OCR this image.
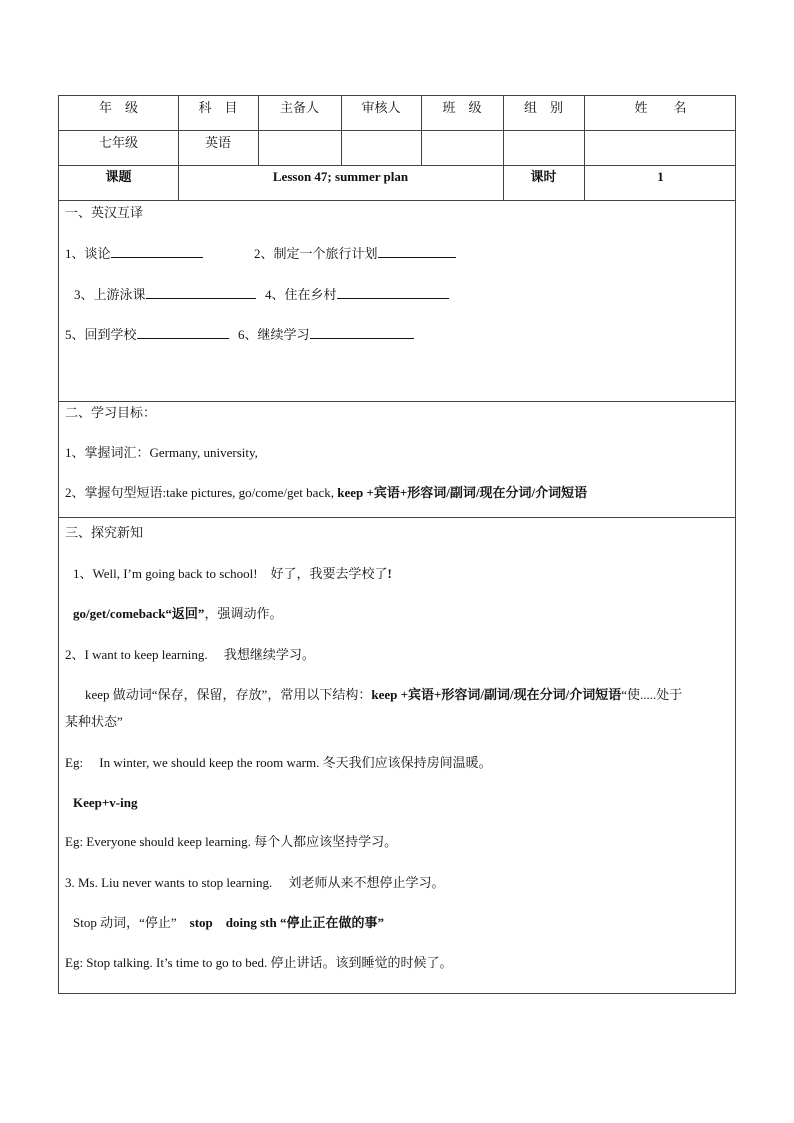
年　级	科　目	主备人	审核人	班　级	组　别	姓　　名
七年级	英语
课题	Lesson 47; summer plan	课时	1
一、英汉互译
1、谈论	2、制定一个旅行计划
3、上游泳课	4、住在乡村
5、回到学校	6、继续学习
二、学习目标：
1、掌握词汇：Germany, university,
2、掌握句型短语:take pictures, go/come/get back, keep +宾语+形容词/副词/现在分词/介词短语
三、探究新知
1、Well, I’m going back to school!　好了，我要去学校了!
go/get/comeback“返回”，强调动作。
2、I want to keep learning.　 我想继续学习。
keep 做动词“保存，保留，存放”，常用以下结构：keep +宾语+形容词/副词/现在分词/介词短语“使.....处于
某种状态”
Eg:　 In winter, we should keep the room warm. 冬天我们应该保持房间温暖。
Keep+v-ing
Eg: Everyone should keep learning. 每个人都应该坚持学习。
3. Ms. Liu never wants to stop learning.　 刘老师从来不想停止学习。
Stop 动词，“停止”　stop　doing sth “停止正在做的事”
Eg: Stop talking. It’s time to go to bed. 停止讲话。该到睡觉的时候了。
